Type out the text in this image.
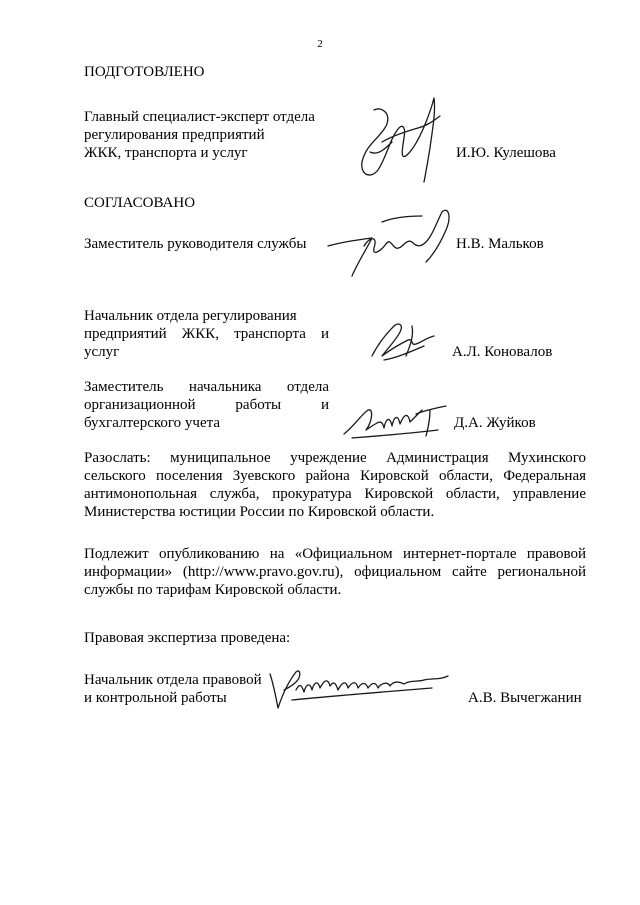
2
ПОДГОТОВЛЕНО
Главный специалист-эксперт отдела
регулирования предприятий
ЖКК, транспорта и услуг	И.Ю. Кулешова
СОГЛАСОВАНО
Заместитель руководителя службы	Н.В. Мальков
Начальник отдела регулирования
предприятий ЖКК, транспорта и
услуг	А.Л. Коновалов
Заместитель начальника отдела
организационной работы и
бухгалтерского учета	Д.А. Жуйков
Разослать: муниципальное учреждение Администрация Мухинского
сельского поселения Зуевского района Кировской области, Федеральная
антимонопольная служба, прокуратура Кировской области, управление
Министерства юстиции России по Кировской области.
Подлежит опубликованию на «Официальном интернет-портале правовой
информации» (http://www.pravo.gov.ru), официальном сайте региональной
службы по тарифам Кировской области.
Правовая экспертиза проведена:
Начальник отдела правовой
и контрольной работы	А.В. Вычегжанин
